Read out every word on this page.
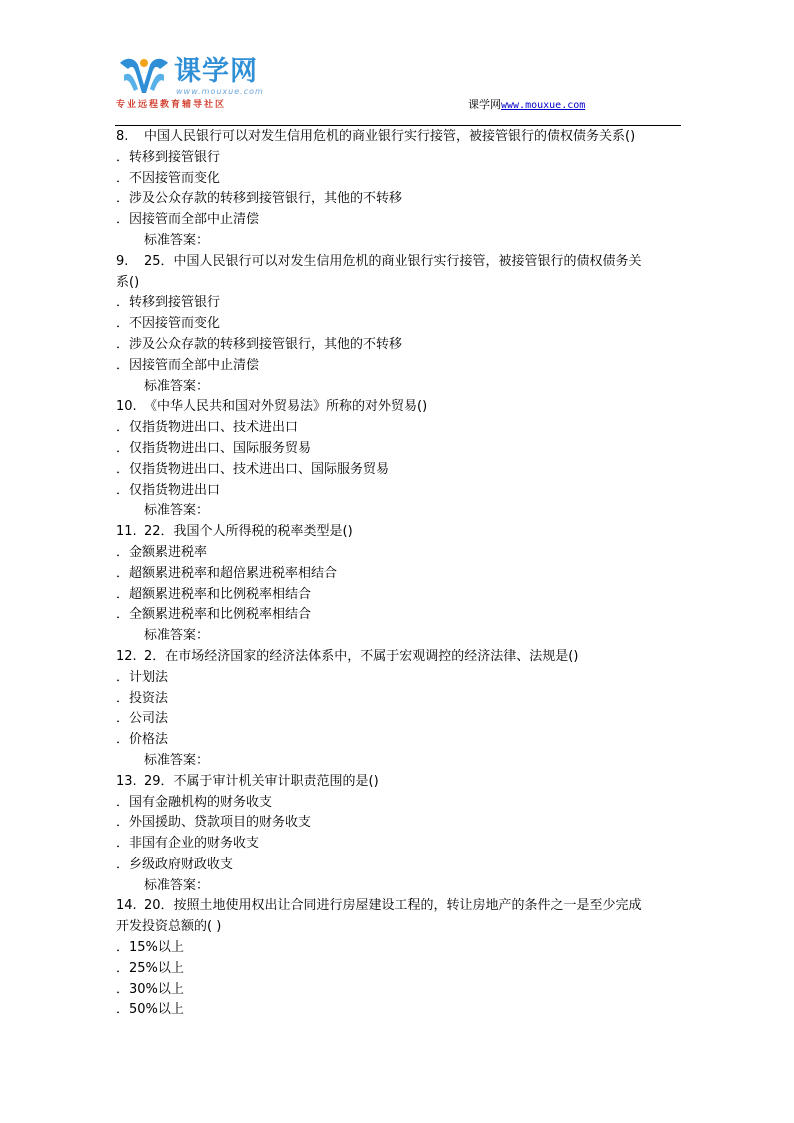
课学网
www.mouxue.com
专业远程教育辅导社区	课学网www.mouxue.com
8. 中国人民银行可以对发生信用危机的商业银行实行接管，被接管银行的债权债务关系()
．转移到接管银行
．不因接管而变化
．涉及公众存款的转移到接管银行，其他的不转移
．因接管而全部中止清偿
标准答案：
9. 25．中国人民银行可以对发生信用危机的商业银行实行接管，被接管银行的债权债务关
系()
．转移到接管银行
．不因接管而变化
．涉及公众存款的转移到接管银行，其他的不转移
．因接管而全部中止清偿
标准答案：
10. 《中华人民共和国对外贸易法》所称的对外贸易()
．仅指货物进出口、技术进出口
．仅指货物进出口、国际服务贸易
．仅指货物进出口、技术进出口、国际服务贸易
．仅指货物进出口
标准答案：
11. 22．我国个人所得税的税率类型是()
．金额累进税率
．超额累进税率和超倍累进税率相结合
．超额累进税率和比例税率相结合
．全额累进税率和比例税率相结合
标准答案：
12. 2．在市场经济国家的经济法体系中，不属于宏观调控的经济法律、法规是()
．计划法
．投资法
．公司法
．价格法
标准答案：
13. 29．不属于审计机关审计职责范围的是()
．国有金融机构的财务收支
．外国援助、贷款项目的财务收支
．非国有企业的财务收支
．乡级政府财政收支
标准答案：
14. 20．按照土地使用权出让合同进行房屋建设工程的，转让房地产的条件之一是至少完成
开发投资总额的( )
．15%以上
．25%以上
．30%以上
．50%以上
